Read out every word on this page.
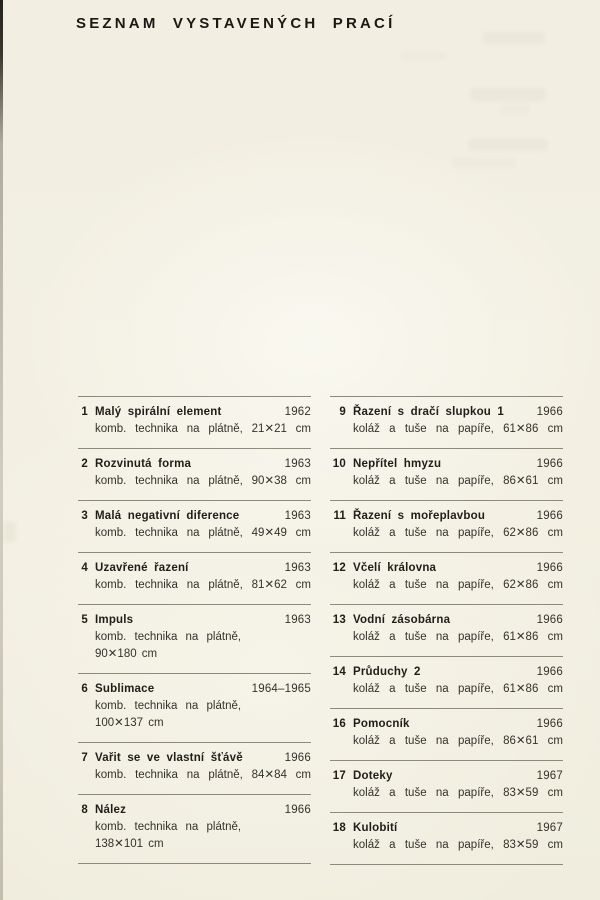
SEZNAM VYSTAVENÝCH PRACÍ
1 Malý spirální element	1962
komb. technika na plátně, 21✕21 cm
2 Rozvinutá forma	1963
komb. technika na plátně, 90✕38 cm
3 Malá negativní diference	1963
komb. technika na plátně, 49✕49 cm
4 Uzavřené řazení	1963
komb. technika na plátně, 81✕62 cm
5 Impuls	1963
komb. technika na plátně,
90✕180 cm
6 Sublimace	1964–1965
komb. technika na plátně,
100✕137 cm
7 Vařit se ve vlastní šťávě	1966
komb. technika na plátně, 84✕84 cm
8 Nález	1966
komb. technika na plátně,
138✕101 cm
9 Řazení s dračí slupkou 1	1966
koláž a tuše na papíře, 61✕86 cm
10 Nepřítel hmyzu	1966
koláž a tuše na papíře, 86✕61 cm
11 Řazení s mořeplavbou	1966
koláž a tuše na papíře, 62✕86 cm
12 Včelí královna	1966
koláž a tuše na papíře, 62✕86 cm
13 Vodní zásobárna	1966
koláž a tuše na papíře, 61✕86 cm
14 Průduchy 2	1966
koláž a tuše na papíře, 61✕86 cm
16 Pomocník	1966
koláž a tuše na papíře, 86✕61 cm
17 Doteky	1967
koláž a tuše na papíře, 83✕59 cm
18 Kulobití	1967
koláž a tuše na papíře, 83✕59 cm
